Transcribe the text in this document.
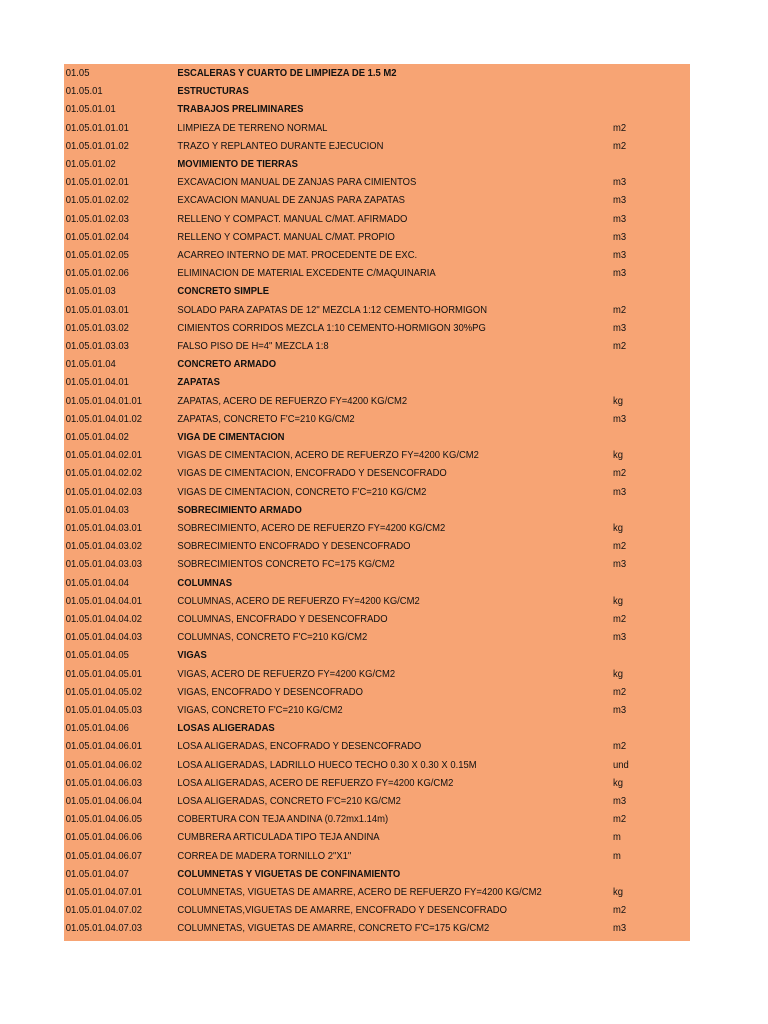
01.05	ESCALERAS Y CUARTO DE LIMPIEZA DE 1.5 M2
01.05.01	ESTRUCTURAS
01.05.01.01	TRABAJOS PRELIMINARES
01.05.01.01.01	LIMPIEZA DE TERRENO NORMAL	m2
01.05.01.01.02	TRAZO Y REPLANTEO DURANTE EJECUCION	m2
01.05.01.02	MOVIMIENTO DE TIERRAS
01.05.01.02.01	EXCAVACION MANUAL DE ZANJAS PARA CIMIENTOS	m3
01.05.01.02.02	EXCAVACION MANUAL DE ZANJAS PARA ZAPATAS	m3
01.05.01.02.03	RELLENO Y COMPACT. MANUAL C/MAT. AFIRMADO	m3
01.05.01.02.04	RELLENO Y COMPACT. MANUAL C/MAT. PROPIO	m3
01.05.01.02.05	ACARREO INTERNO DE MAT. PROCEDENTE DE EXC.	m3
01.05.01.02.06	ELIMINACION DE MATERIAL EXCEDENTE C/MAQUINARIA	m3
01.05.01.03	CONCRETO SIMPLE
01.05.01.03.01	SOLADO PARA ZAPATAS DE 12" MEZCLA 1:12 CEMENTO-HORMIGON	m2
01.05.01.03.02	CIMIENTOS CORRIDOS MEZCLA 1:10 CEMENTO-HORMIGON 30%PG	m3
01.05.01.03.03	FALSO PISO DE H=4" MEZCLA 1:8	m2
01.05.01.04	CONCRETO ARMADO
01.05.01.04.01	ZAPATAS
01.05.01.04.01.01	ZAPATAS, ACERO DE REFUERZO FY=4200 KG/CM2	kg
01.05.01.04.01.02	ZAPATAS, CONCRETO F'C=210 KG/CM2	m3
01.05.01.04.02	VIGA DE CIMENTACION
01.05.01.04.02.01	VIGAS DE CIMENTACION, ACERO DE REFUERZO FY=4200 KG/CM2	kg
01.05.01.04.02.02	VIGAS DE CIMENTACION, ENCOFRADO Y DESENCOFRADO	m2
01.05.01.04.02.03	VIGAS DE CIMENTACION, CONCRETO F'C=210 KG/CM2	m3
01.05.01.04.03	SOBRECIMIENTO ARMADO
01.05.01.04.03.01	SOBRECIMIENTO, ACERO DE REFUERZO FY=4200 KG/CM2	kg
01.05.01.04.03.02	SOBRECIMIENTO ENCOFRADO Y DESENCOFRADO	m2
01.05.01.04.03.03	SOBRECIMIENTOS CONCRETO FC=175 KG/CM2	m3
01.05.01.04.04	COLUMNAS
01.05.01.04.04.01	COLUMNAS, ACERO DE REFUERZO FY=4200 KG/CM2	kg
01.05.01.04.04.02	COLUMNAS, ENCOFRADO Y DESENCOFRADO	m2
01.05.01.04.04.03	COLUMNAS, CONCRETO F'C=210 KG/CM2	m3
01.05.01.04.05	VIGAS
01.05.01.04.05.01	VIGAS, ACERO DE REFUERZO FY=4200 KG/CM2	kg
01.05.01.04.05.02	VIGAS, ENCOFRADO Y DESENCOFRADO	m2
01.05.01.04.05.03	VIGAS, CONCRETO F'C=210 KG/CM2	m3
01.05.01.04.06	LOSAS ALIGERADAS
01.05.01.04.06.01	LOSA ALIGERADAS, ENCOFRADO Y DESENCOFRADO	m2
01.05.01.04.06.02	LOSA ALIGERADAS, LADRILLO HUECO TECHO 0.30 X 0.30 X 0.15M	und
01.05.01.04.06.03	LOSA ALIGERADAS, ACERO DE REFUERZO FY=4200 KG/CM2	kg
01.05.01.04.06.04	LOSA ALIGERADAS, CONCRETO F'C=210 KG/CM2	m3
01.05.01.04.06.05	COBERTURA CON TEJA ANDINA (0.72mx1.14m)	m2
01.05.01.04.06.06	CUMBRERA ARTICULADA TIPO TEJA ANDINA	m
01.05.01.04.06.07	CORREA DE MADERA TORNILLO 2"X1"	m
01.05.01.04.07	COLUMNETAS Y VIGUETAS DE CONFINAMIENTO
01.05.01.04.07.01	COLUMNETAS, VIGUETAS DE AMARRE, ACERO DE REFUERZO FY=4200 KG/CM2	kg
01.05.01.04.07.02	COLUMNETAS,VIGUETAS DE AMARRE, ENCOFRADO Y DESENCOFRADO	m2
01.05.01.04.07.03	COLUMNETAS, VIGUETAS DE AMARRE, CONCRETO F'C=175 KG/CM2	m3
